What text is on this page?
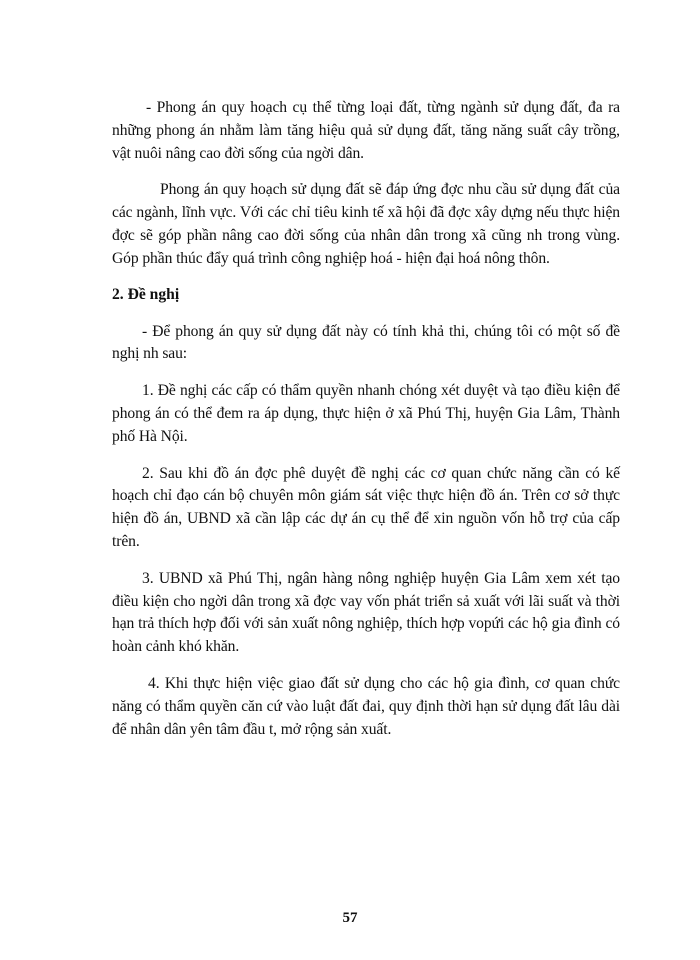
- Phong án quy hoạch cụ thể từng loại đất, từng ngành sử dụng đất, đa ra những phong án nhằm làm tăng hiệu quả sử dụng đất, tăng năng suất cây trồng, vật nuôi nâng cao đời sống của ngời dân.

Phong án quy hoạch sử dụng đất sẽ đáp ứng đợc nhu cầu sử dụng đất của các ngành, lĩnh vực. Với các chỉ tiêu kinh tế xã hội đã đợc xây dựng nếu thực hiện đợc sẽ góp phần nâng cao đời sống của nhân dân trong xã cũng nh trong vùng. Góp phần thúc đẩy quá trình công nghiệp hoá - hiện đại hoá nông thôn.

2. Đề nghị

- Để phong án quy sử dụng đất này có tính khả thi, chúng tôi có một số đề nghị nh sau:

1. Đề nghị các cấp có thẩm quyền nhanh chóng xét duyệt và tạo điều kiện để phong án có thể đem ra áp dụng, thực hiện ở xã Phú Thị, huyện Gia Lâm, Thành phố Hà Nội.

2. Sau khi đồ án đợc phê duyệt đề nghị các cơ quan chức năng cần có kế hoạch chỉ đạo cán bộ chuyên môn giám sát việc thực hiện đồ án. Trên cơ sở thực hiện đồ án, UBND xã cần lập các dự án cụ thể để xin nguồn vốn hỗ trợ của cấp trên.

3. UBND xã Phú Thị, ngân hàng nông nghiệp huyện Gia Lâm xem xét tạo điều kiện cho ngời dân trong xã đợc vay vốn phát triển sả xuất với lãi suất và thời hạn trả thích hợp đối với sản xuất nông nghiệp, thích hợp vopứi các hộ gia đình có hoàn cảnh khó khăn.

4. Khi thực hiện việc giao đất sử dụng cho các hộ gia đình, cơ quan chức năng có thẩm quyền căn cứ vào luật đất đai, quy định thời hạn sử dụng đất lâu dài để nhân dân yên tâm đầu t, mở rộng sản xuất.

57
